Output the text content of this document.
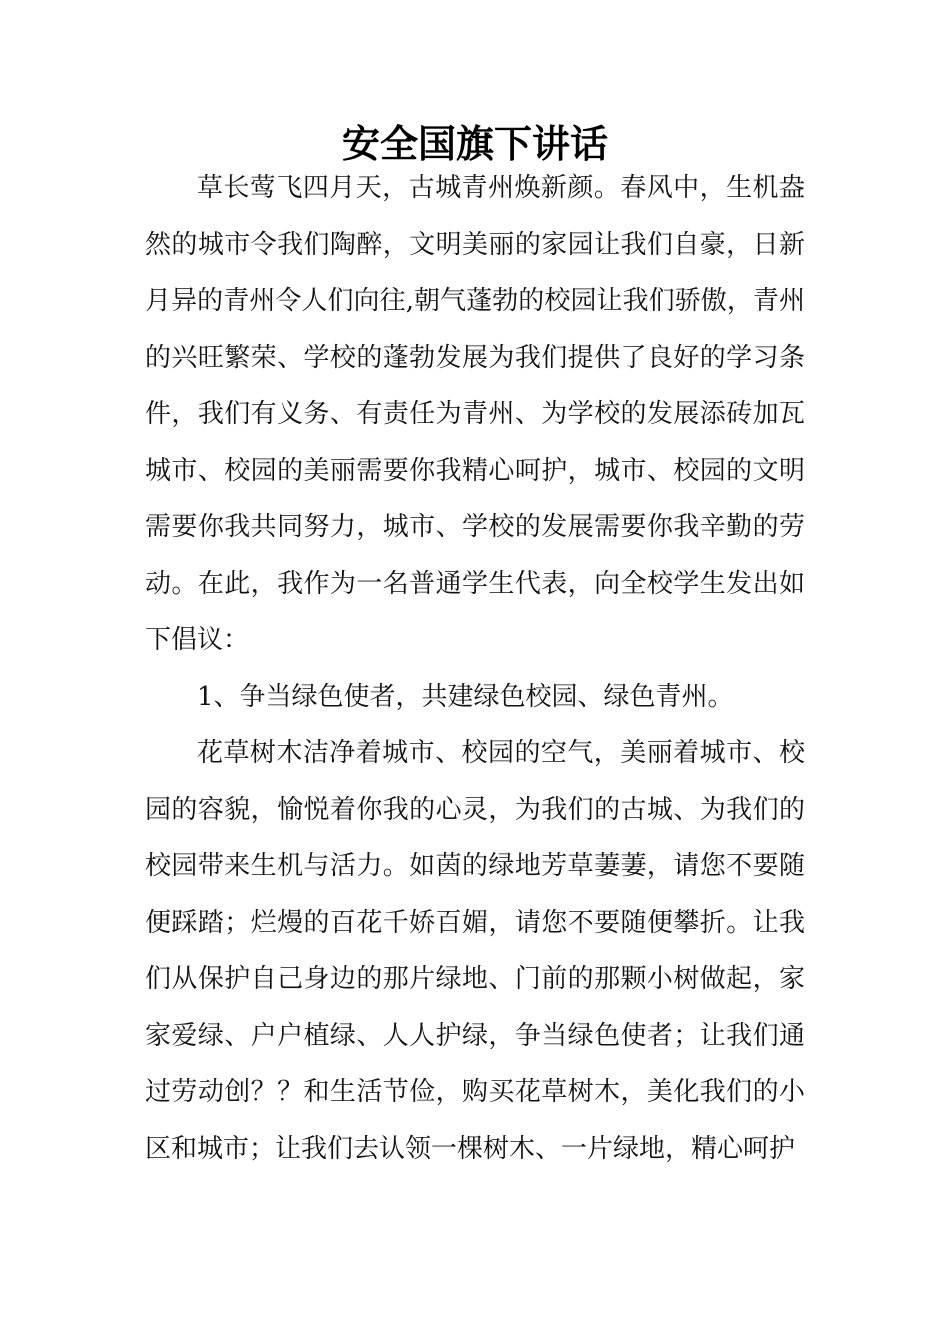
安全国旗下讲话

草长莺飞四月天，古城青州焕新颜。春风中，生机盎然的城市令我们陶醉，文明美丽的家园让我们自豪，日新月异的青州令人们向往,朝气蓬勃的校园让我们骄傲，青州的兴旺繁荣、学校的蓬勃发展为我们提供了良好的学习条件，我们有义务、有责任为青州、为学校的发展添砖加瓦城市、校园的美丽需要你我精心呵护，城市、校园的文明需要你我共同努力，城市、学校的发展需要你我辛勤的劳动。在此，我作为一名普通学生代表，向全校学生发出如下倡议：

1、争当绿色使者，共建绿色校园、绿色青州。

花草树木洁净着城市、校园的空气，美丽着城市、校园的容貌，愉悦着你我的心灵，为我们的古城、为我们的校园带来生机与活力。如茵的绿地芳草萋萋，请您不要随便踩踏；烂熳的百花千娇百媚，请您不要随便攀折。让我们从保护自己身边的那片绿地、门前的那颗小树做起，家家爱绿、户户植绿、人人护绿，争当绿色使者；让我们通过劳动创？？和生活节俭，购买花草树木，美化我们的小区和城市；让我们去认领一棵树木、一片绿地，精心呵护
